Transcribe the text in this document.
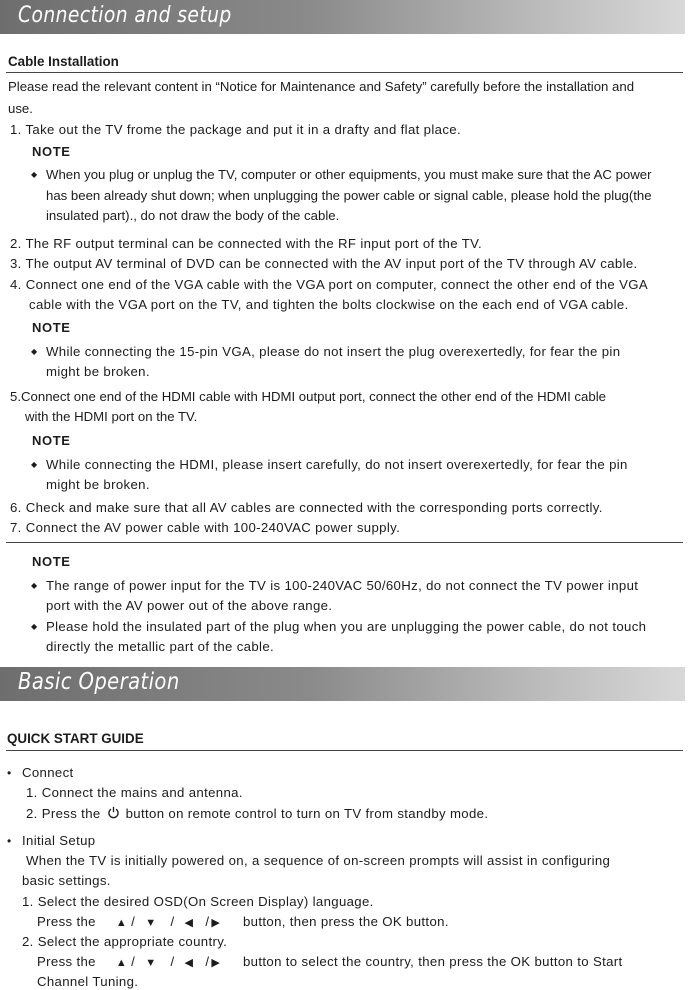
Connection and setup
Cable Installation
Please read the relevant content in “Notice for Maintenance and Safety” carefully before the installation and
use.
1. Take out the TV frome the package and put it in a drafty and flat place.
NOTE
◆ When you plug or unplug the TV, computer or other equipments, you must make sure that the AC power
has been already shut down; when unplugging the power cable or signal cable, please hold the plug(the
insulated part)., do not draw the body of the cable.
2. The RF output terminal can be connected with the RF input port of the TV.
3. The output AV terminal of DVD can be connected with the AV input port of the TV through AV cable.
4. Connect one end of the VGA cable with the VGA port on computer, connect the other end of the VGA
cable with the VGA port on the TV, and tighten the bolts clockwise on the each end of VGA cable.
NOTE
◆ While connecting the 15-pin VGA, please do not insert the plug overexertedly, for fear the pin
might be broken.
5.Connect one end of the HDMI cable with HDMI output port, connect the other end of the HDMI cable
with the HDMI port on the TV.
NOTE
◆ While connecting the HDMI, please insert carefully, do not insert overexertedly, for fear the pin
might be broken.
6. Check and make sure that all AV cables are connected with the corresponding ports correctly.
7. Connect the AV power cable with 100-240VAC power supply.
NOTE
◆ The range of power input for the TV is 100-240VAC 50/60Hz, do not connect the TV power input
port with the AV power out of the above range.
◆ Please hold the insulated part of the plug when you are unplugging the power cable, do not touch
directly the metallic part of the cable.
Basic Operation
QUICK START GUIDE
• Connect
1. Connect the mains and antenna.
2. Press the button on remote control to turn on TV from standby mode.
• Initial Setup
When the TV is initially powered on, a sequence of on-screen prompts will assist in configuring
basic settings.
1. Select the desired OSD(On Screen Display) language.
Press the ▲ / ▼ / ◀ / ▶ button, then press the OK button.
2. Select the appropriate country.
Press the ▲ / ▼ / ◀ / ▶ button to select the country, then press the OK button to Start
Channel Tuning.
